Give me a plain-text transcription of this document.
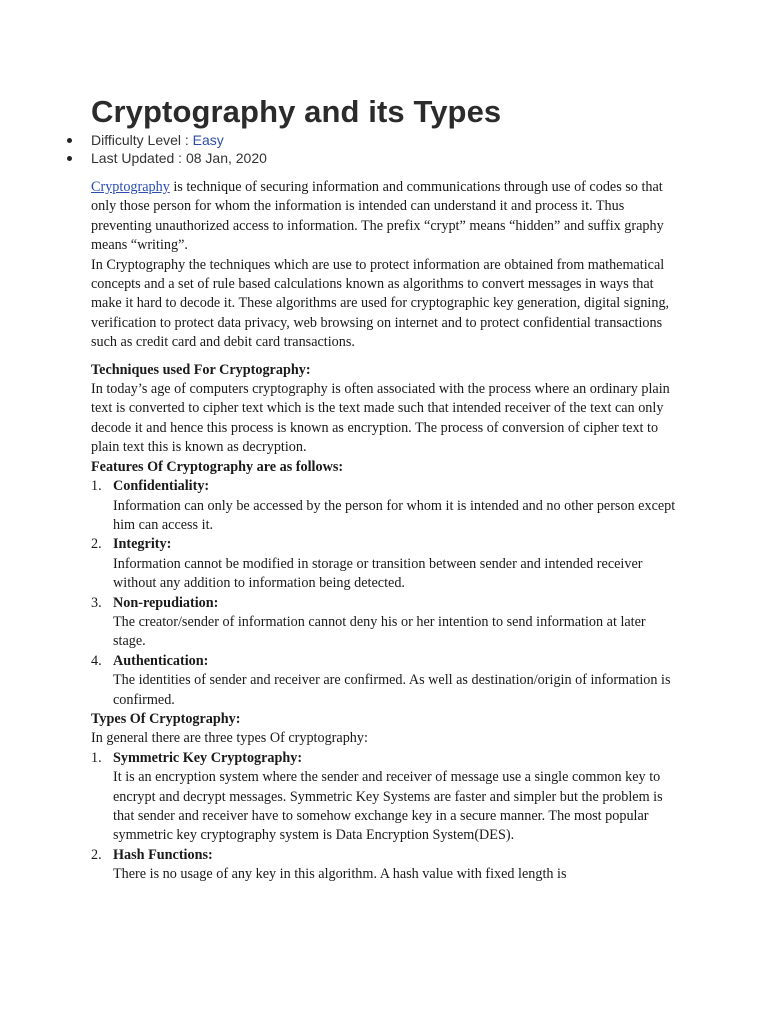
Cryptography and its Types
Difficulty Level : Easy
Last Updated : 08 Jan, 2020

Cryptography is technique of securing information and communications through use of codes so that only those person for whom the information is intended can understand it and process it. Thus preventing unauthorized access to information. The prefix “crypt” means “hidden” and suffix graphy means “writing”.

In Cryptography the techniques which are use to protect information are obtained from mathematical concepts and a set of rule based calculations known as algorithms to convert messages in ways that make it hard to decode it. These algorithms are used for cryptographic key generation, digital signing, verification to protect data privacy, web browsing on internet and to protect confidential transactions such as credit card and debit card transactions.

Techniques used For Cryptography:

In today’s age of computers cryptography is often associated with the process where an ordinary plain text is converted to cipher text which is the text made such that intended receiver of the text can only decode it and hence this process is known as encryption. The process of conversion of cipher text to plain text this is known as decryption.

Features Of Cryptography are as follows:

1. Confidentiality:
Information can only be accessed by the person for whom it is intended and no other person except him can access it.
2. Integrity:
Information cannot be modified in storage or transition between sender and intended receiver without any addition to information being detected.
3. Non-repudiation:
The creator/sender of information cannot deny his or her intention to send information at later stage.
4. Authentication:
The identities of sender and receiver are confirmed. As well as destination/origin of information is confirmed.

Types Of Cryptography:

In general there are three types Of cryptography:

1. Symmetric Key Cryptography:
It is an encryption system where the sender and receiver of message use a single common key to encrypt and decrypt messages. Symmetric Key Systems are faster and simpler but the problem is that sender and receiver have to somehow exchange key in a secure manner. The most popular symmetric key cryptography system is Data Encryption System(DES).
2. Hash Functions:
There is no usage of any key in this algorithm. A hash value with fixed length is
